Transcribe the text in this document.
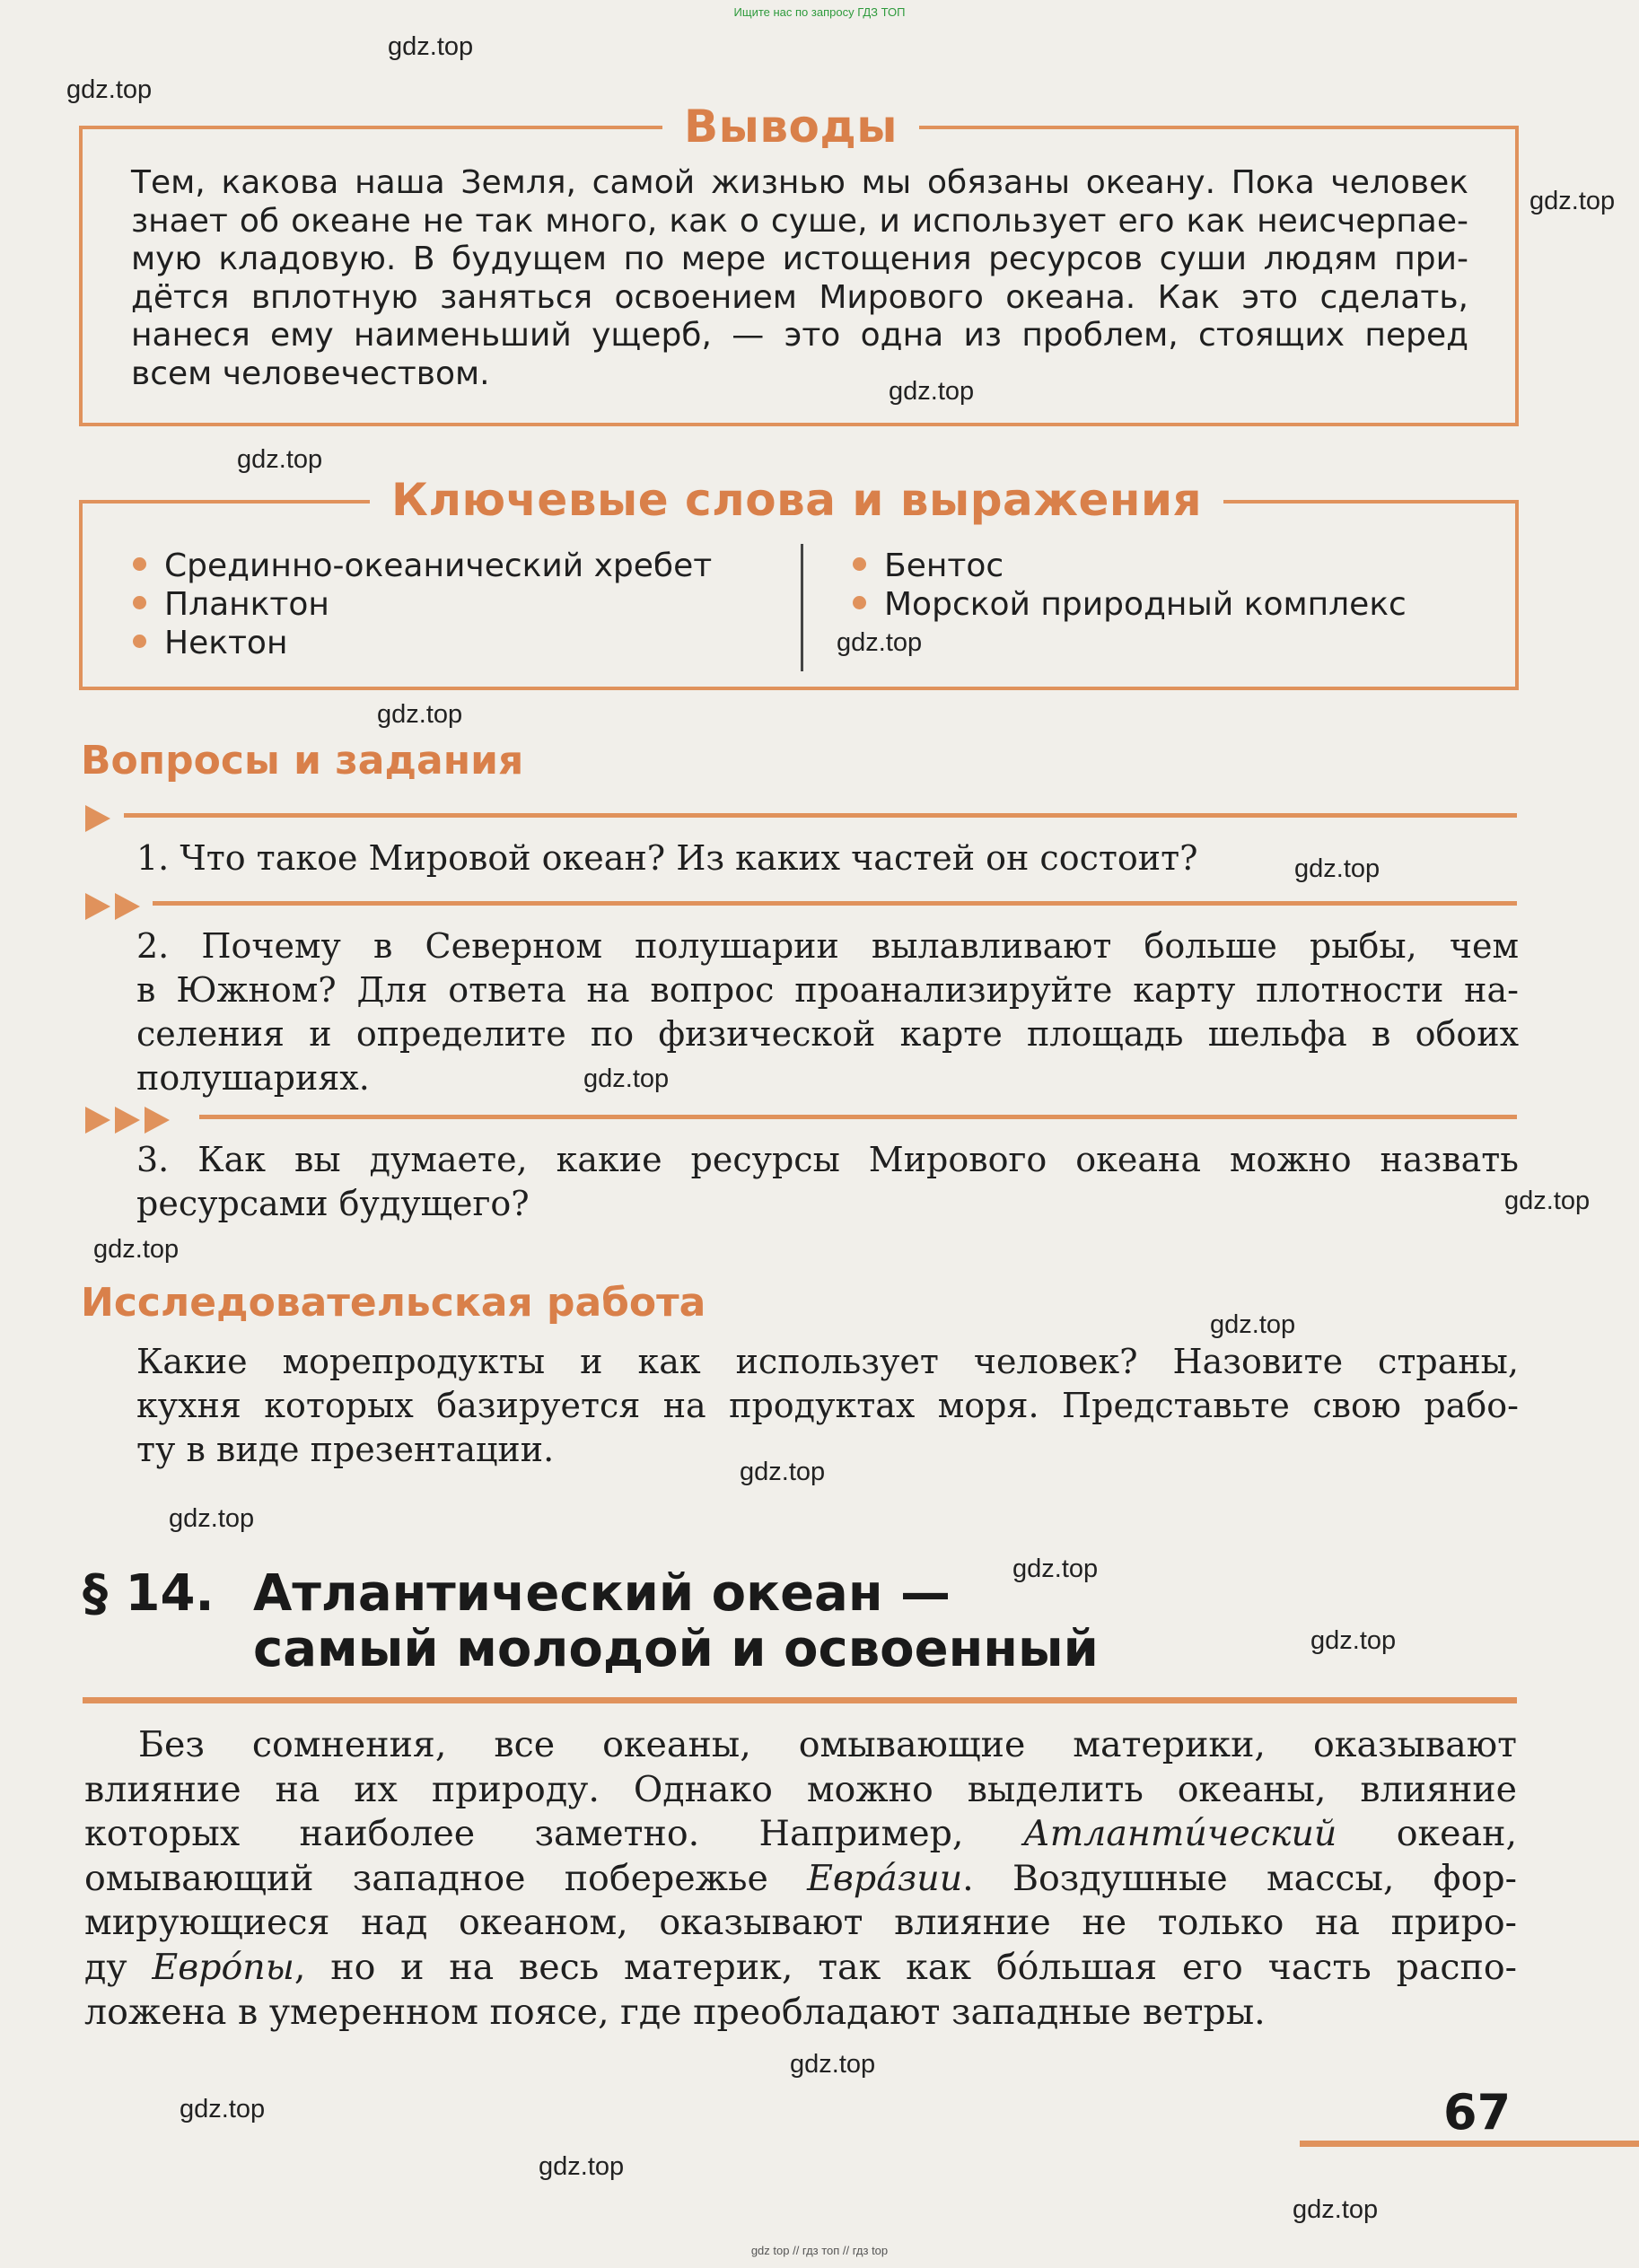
Ищите нас по запросу ГДЗ ТОП
gdz top // гдз топ // гдз top
Выводы
Тем, какова наша Земля, самой жизнью мы обязаны океану. Пока человек
знает об океане не так много, как о суше, и использует его как неисчерпае-
мую кладовую. В будущем по мере истощения ресурсов суши людям при-
дётся вплотную заняться освоением Мирового океана. Как это сделать,
нанеся ему наименьший ущерб, — это одна из проблем, стоящих перед
всем человечеством.
Ключевые слова и выражения
Срединно-океанический хребет
Планктон
Нектон
Бентос
Морской природный комплекс
Вопросы и задания
1. Что такое Мировой океан? Из каких частей он состоит?
2. Почему в Северном полушарии вылавливают больше рыбы, чем
в Южном? Для ответа на вопрос проанализируйте карту плотности на-
селения и определите по физической карте площадь шельфа в обоих
полушариях.
3. Как вы думаете, какие ресурсы Мирового океана можно назвать
ресурсами будущего?
Исследовательская работа
Какие морепродукты и как использует человек? Назовите страны,
кухня которых базируется на продуктах моря. Представьте свою рабо-
ту в виде презентации.
§ 14. Атлантический океан —
самый молодой и освоенный
Без сомнения, все океаны, омывающие материки, оказывают
влияние на их природу. Однако можно выделить океаны, влияние
которых наиболее заметно. Например, Атланти́ческий океан,
омывающий западное побережье Евра́зии. Воздушные массы, фор-
мирующиеся над океаном, оказывают влияние не только на приро-
ду Евро́пы, но и на весь материк, так как бо́льшая его часть распо-
ложена в умеренном поясе, где преобладают западные ветры.
67
gdz.top
gdz.top
gdz.top
gdz.top
gdz.top
gdz.top
gdz.top
gdz.top
gdz.top
gdz.top
gdz.top
gdz.top
gdz.top
gdz.top
gdz.top
gdz.top
gdz.top
gdz.top
gdz.top
gdz.top
